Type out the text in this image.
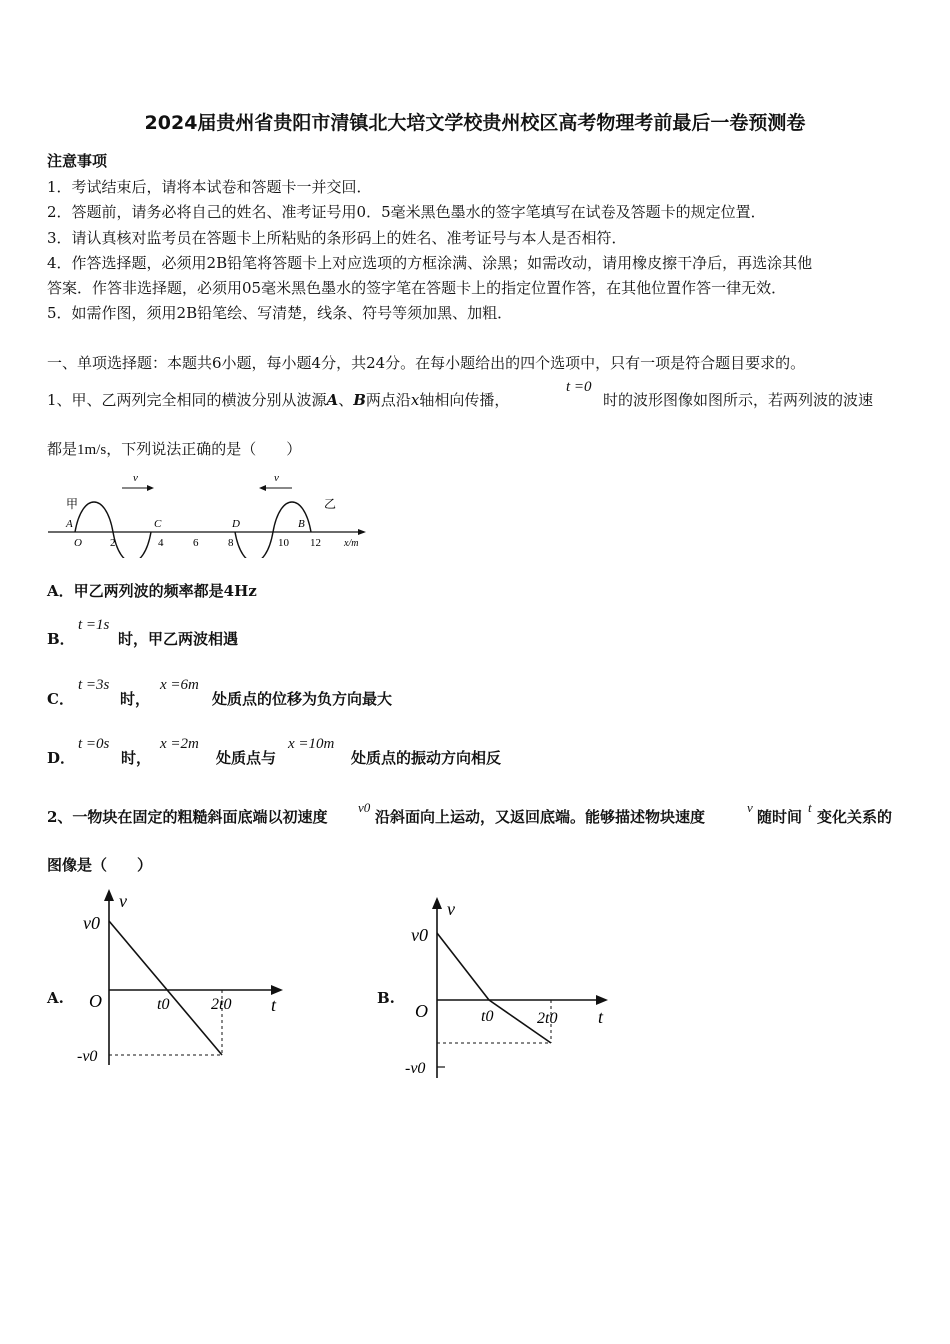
2024届贵州省贵阳市清镇北大培文学校贵州校区高考物理考前最后一卷预测卷
注意事项
1．考试结束后，请将本试卷和答题卡一并交回．
2．答题前，请务必将自己的姓名、准考证号用0．5毫米黑色墨水的签字笔填写在试卷及答题卡的规定位置．
3．请认真核对监考员在答题卡上所粘贴的条形码上的姓名、准考证号与本人是否相符．
4．作答选择题，必须用2B铅笔将答题卡上对应选项的方框涂满、涂黑；如需改动，请用橡皮擦干净后，再选涂其他
答案．作答非选择题，必须用05毫米黑色墨水的签字笔在答题卡上的指定位置作答，在其他位置作答一律无效．
5．如需作图，须用2B铅笔绘、写清楚，线条、符号等须加黑、加粗．
一、单项选择题：本题共6小题，每小题4分，共24分。在每小题给出的四个选项中，只有一项是符合题目要求的。
1、甲、乙两列完全相同的横波分别从波源A、B两点沿x轴相向传播，
t =0
时的波形图像如图所示，若两列波的波速
都是1m/s，下列说法正确的是（　　）
v	v
甲	乙
A	C	D	B
O	2	4	6	8	10 12 x/m
A．甲乙两列波的频率都是4Hz
B．
t =1s
时，甲乙两波相遇
C．
t =3s
时，
x =6m
处质点的位移为负方向最大
D．
t =0s
时，
x =2m
处质点与
x =10m
处质点的振动方向相反
2、一物块在固定的粗糙斜面底端以初速度
v0
沿斜面向上运动，又返回底端。能够描述物块速度
v
随时间
t
变化关系的
图像是（　　）
A.
v
v0
O	t0	2t0 t
-v0
B.
v
v0
O	t0	2t0 t
-v0
